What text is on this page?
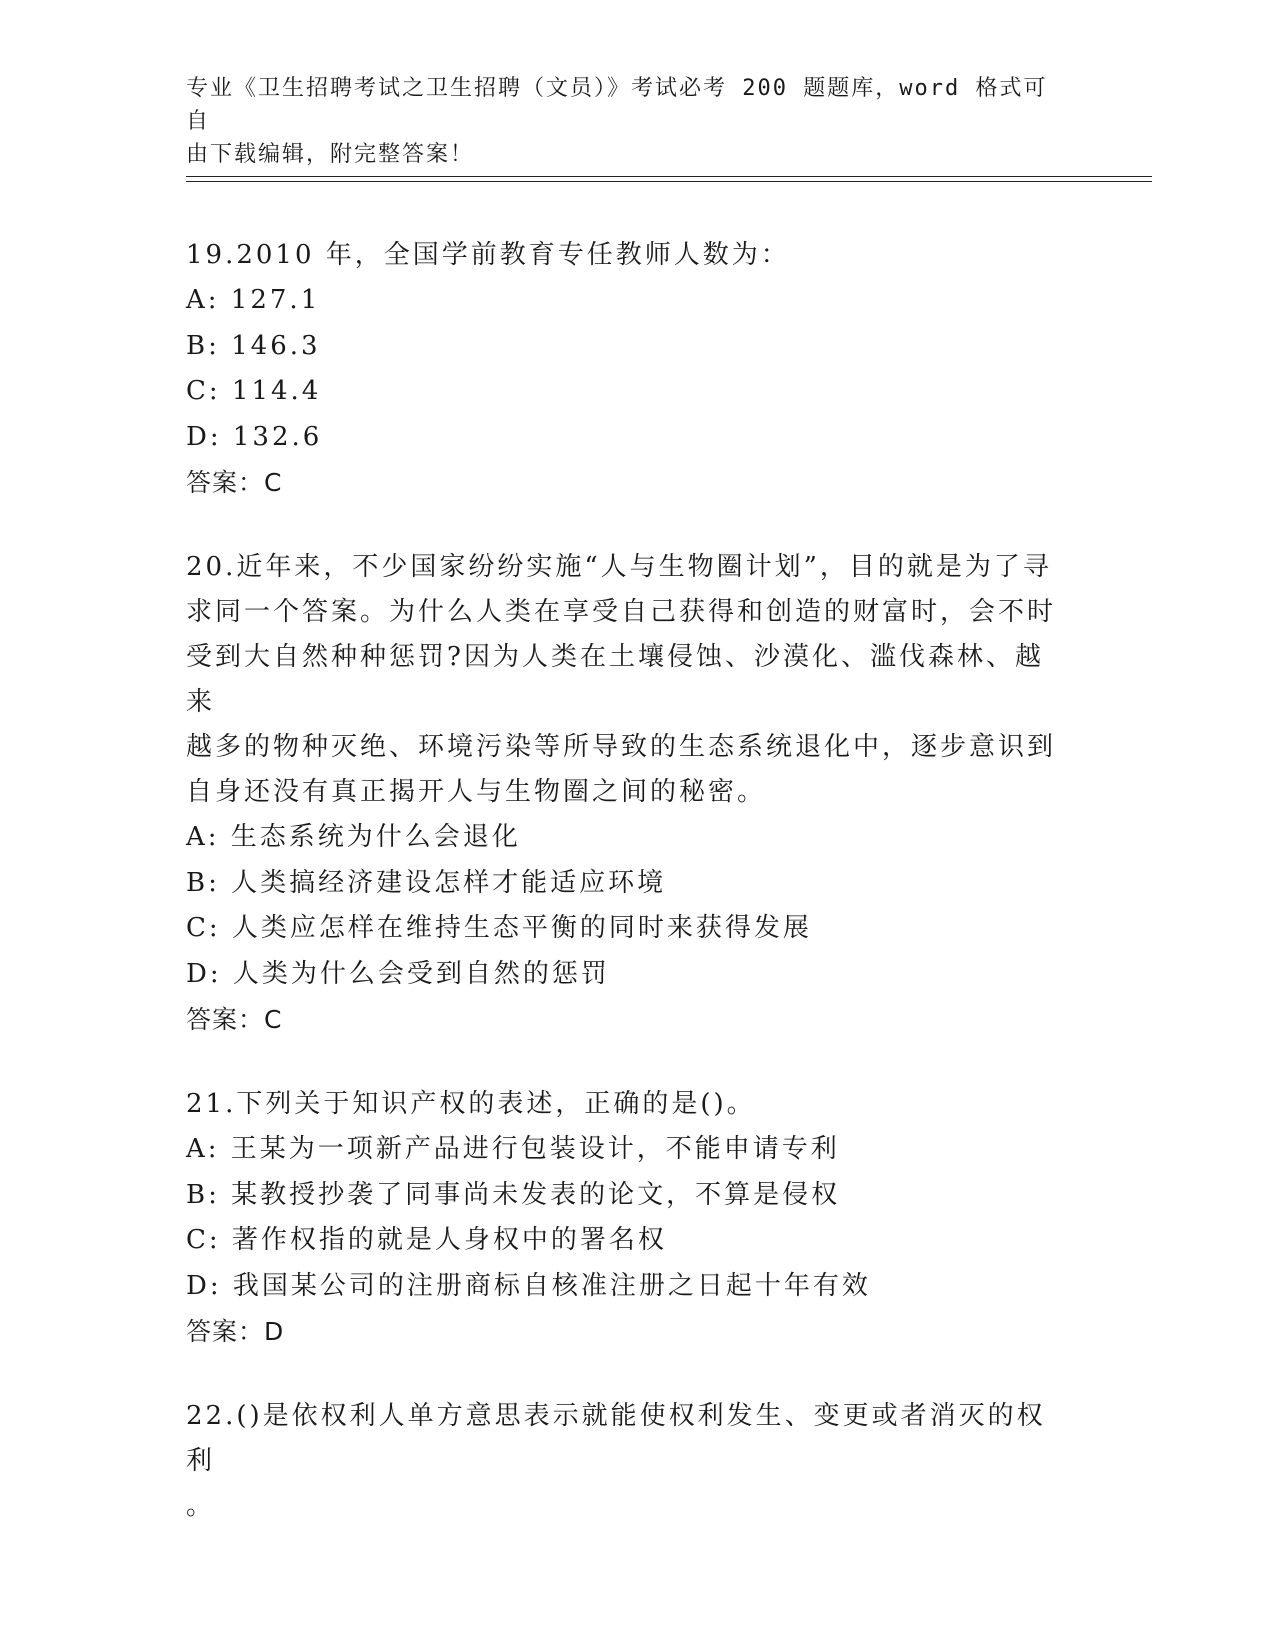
专业《卫生招聘考试之卫生招聘（文员）》考试必考 200 题题库，word 格式可自
由下载编辑，附完整答案！
19.2010 年，全国学前教育专任教师人数为：
A: 127.1
B: 146.3
C: 114.4
D: 132.6
答案：C
20.近年来，不少国家纷纷实施“人与生物圈计划”，目的就是为了寻
求同一个答案。为什么人类在享受自己获得和创造的财富时，会不时
受到大自然种种惩罚?因为人类在土壤侵蚀、沙漠化、滥伐森林、越来
越多的物种灭绝、环境污染等所导致的生态系统退化中，逐步意识到
自身还没有真正揭开人与生物圈之间的秘密。
A: 生态系统为什么会退化
B: 人类搞经济建设怎样才能适应环境
C: 人类应怎样在维持生态平衡的同时来获得发展
D: 人类为什么会受到自然的惩罚
答案：C
21.下列关于知识产权的表述，正确的是()。
A: 王某为一项新产品进行包装设计，不能申请专利
B: 某教授抄袭了同事尚未发表的论文，不算是侵权
C: 著作权指的就是人身权中的署名权
D: 我国某公司的注册商标自核准注册之日起十年有效
答案：D
22.()是依权利人单方意思表示就能使权利发生、变更或者消灭的权利
。
